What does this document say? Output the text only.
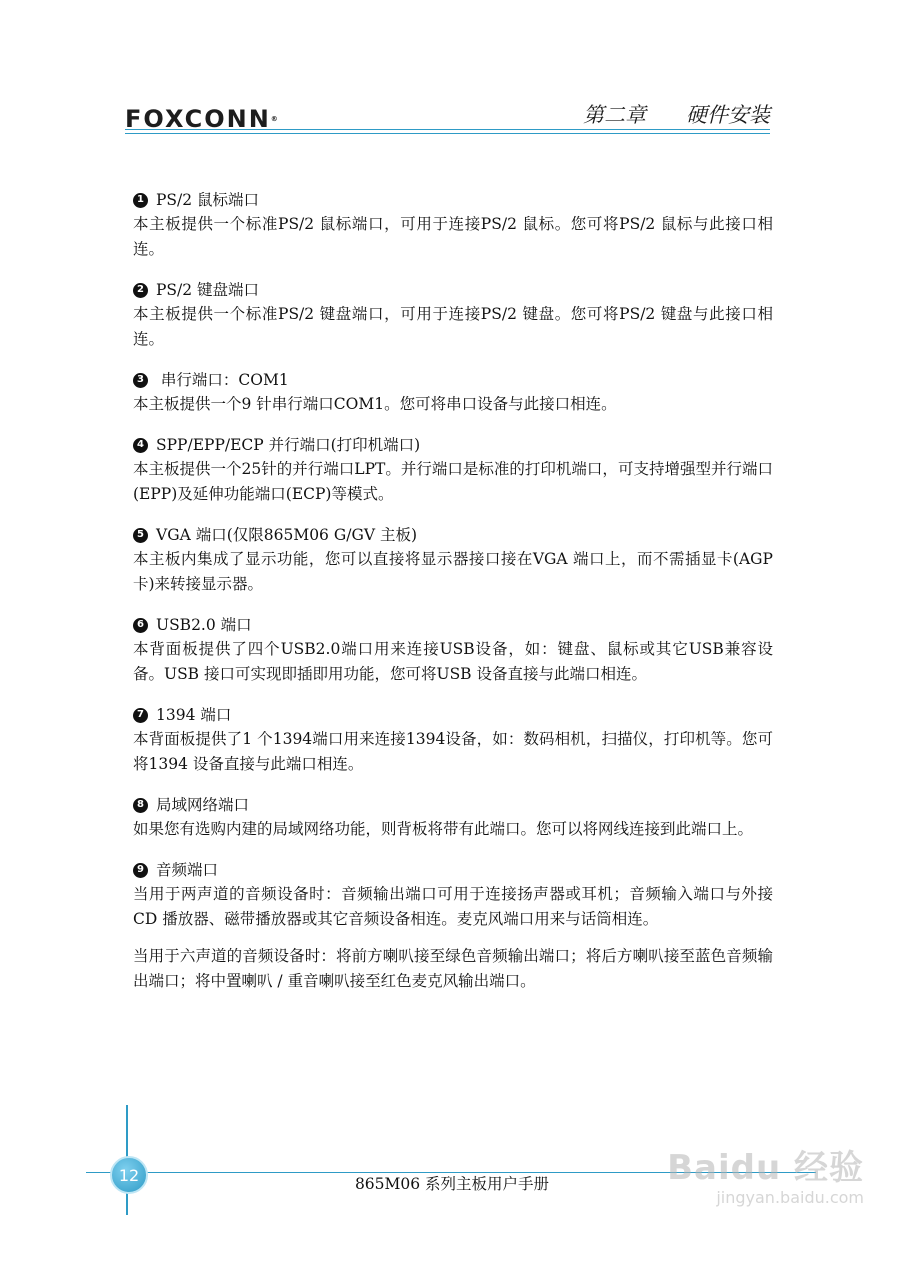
FOXCONN®	第二章 硬件安装
1 PS/2 鼠标端口
本主板提供一个标准PS/2 鼠标端口，可用于连接PS/2 鼠标。您可将PS/2 鼠标与此接口相连。
2 PS/2 键盘端口
本主板提供一个标准PS/2 键盘端口，可用于连接PS/2 键盘。您可将PS/2 键盘与此接口相连。
3 串行端口：COM1
本主板提供一个9 针串行端口COM1。您可将串口设备与此接口相连。
4 SPP/EPP/ECP 并行端口(打印机端口)
本主板提供一个25针的并行端口LPT。并行端口是标准的打印机端口，可支持增强型并行端口(EPP)及延伸功能端口(ECP)等模式。
5 VGA 端口(仅限865M06 G/GV 主板)
本主板内集成了显示功能，您可以直接将显示器接口接在VGA 端口上，而不需插显卡(AGP 卡)来转接显示器。
6 USB2.0 端口
本背面板提供了四个USB2.0端口用来连接USB设备，如：键盘、鼠标或其它USB兼容设备。USB 接口可实现即插即用功能，您可将USB 设备直接与此端口相连。
7 1394 端口
本背面板提供了1 个1394端口用来连接1394设备，如：数码相机，扫描仪，打印机等。您可将1394 设备直接与此端口相连。
8 局域网络端口
如果您有选购内建的局域网络功能，则背板将带有此端口。您可以将网线连接到此端口上。
9 音频端口
当用于两声道的音频设备时：音频输出端口可用于连接扬声器或耳机；音频输入端口与外接CD 播放器、磁带播放器或其它音频设备相连。麦克风端口用来与话筒相连。
当用于六声道的音频设备时：将前方喇叭接至绿色音频输出端口；将后方喇叭接至蓝色音频输出端口；将中置喇叭 / 重音喇叭接至红色麦克风输出端口。
12	865M06 系列主板用户手册	Baidu 经验
jingyan.baidu.com
